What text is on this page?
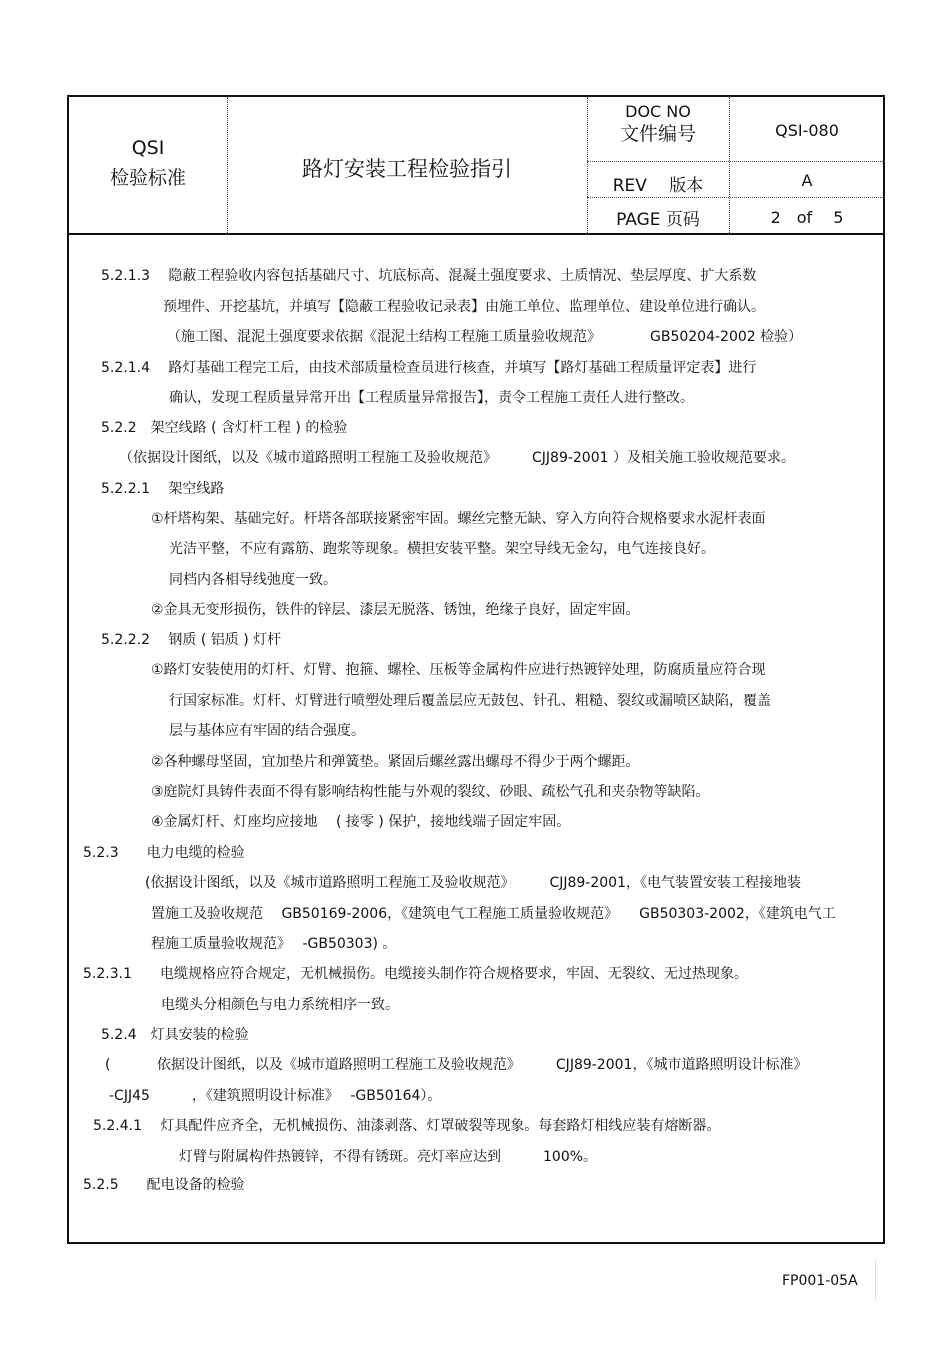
QSI
检验标准	路灯安装工程检验指引
DOC NO
文件编号	QSI-080
REV　 版本	A
PAGE 页码	2　of　 5
5.2.1.3　 隐蔽工程验收内容包括基础尺寸、坑底标高、混凝土强度要求、土质情况、垫层厚度、扩大系数
预埋件、开挖基坑，并填写【隐蔽工程验收记录表】由施工单位、监理单位、建设单位进行确认。
（施工图、混泥土强度要求依据《混泥土结构工程施工质量验收规范》　　　　GB50204-2002 检验）
5.2.1.4　 路灯基础工程完工后，由技术部质量检查员进行核查，并填写【路灯基础工程质量评定表】进行
确认，发现工程质量异常开出【工程质量异常报告】，责令工程施工责任人进行整改。
5.2.2　架空线路 ( 含灯杆工程 ) 的检验
（依据设计图纸，以及《城市道路照明工程施工及验收规范》　　　CJJ89-2001 ）及相关施工验收规范要求。
5.2.2.1　 架空线路
①杆塔构架、基础完好。杆塔各部联接紧密牢固。螺丝完整无缺、穿入方向符合规格要求水泥杆表面
光洁平整，不应有露筋、跑浆等现象。横担安装平整。架空导线无金勾，电气连接良好。
同档内各相导线弛度一致。
②金具无变形损伤，铁件的锌层、漆层无脱落、锈蚀，绝缘子良好，固定牢固。
5.2.2.2　 钢质 ( 铝质 ) 灯杆
①路灯安装使用的灯杆、灯臂、抱箍、螺栓、压板等金属构件应进行热镀锌处理，防腐质量应符合现
行国家标准。灯杆、灯臂进行喷塑处理后覆盖层应无鼓包、针孔、粗糙、裂纹或漏喷区缺陷，覆盖
层与基体应有牢固的结合强度。
②各种螺母坚固，宜加垫片和弹簧垫。紧固后螺丝露出螺母不得少于两个螺距。
③庭院灯具铸件表面不得有影响结构性能与外观的裂纹、砂眼、疏松气孔和夹杂物等缺陷。
④金属灯杆、灯座均应接地　 ( 接零 ) 保护，接地线端子固定牢固。
5.2.3　　电力电缆的检验
(依据设计图纸，以及《城市道路照明工程施工及验收规范》　　　CJJ89-2001，《电气装置安装工程接地装
置施工及验收规范　 GB50169-2006，《建筑电气工程施工质量验收规范》　　GB50303-2002，《建筑电气工
程施工质量验收规范》　 -GB50303) 。
5.2.3.1　　电缆规格应符合规定，无机械损伤。电缆接头制作符合规格要求，牢固、无裂纹、无过热现象。
电缆头分相颜色与电力系统相序一致。
5.2.4　灯具安装的检验
(　　　 依据设计图纸，以及《城市道路照明工程施工及验收规范》　　　CJJ89-2001，《城市道路照明设计标准》
-CJJ45　　　，《建筑照明设计标准》　 -GB50164）。
5.2.4.1　 灯具配件应齐全，无机械损伤、油漆剥落、灯罩破裂等现象。每套路灯相线应装有熔断器。
灯臂与附属构件热镀锌，不得有锈斑。亮灯率应达到　　　100%。
5.2.5　　配电设备的检验
FP001-05A
